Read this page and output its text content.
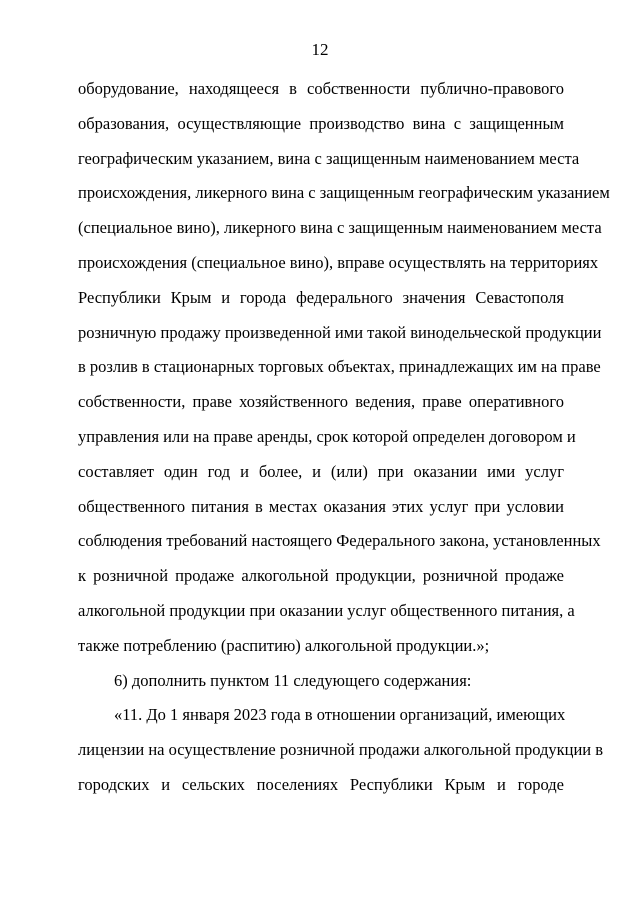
12
оборудование, находящееся в собственности публично-правового
образования, осуществляющие производство вина с защищенным
географическим указанием, вина с защищенным наименованием места
происхождения, ликерного вина с защищенным географическим указанием
(специальное вино), ликерного вина с защищенным наименованием места
происхождения (специальное вино), вправе осуществлять на территориях
Республики Крым и города федерального значения Севастополя
розничную продажу произведенной ими такой винодельческой продукции
в розлив в стационарных торговых объектах, принадлежащих им на праве
собственности, праве хозяйственного ведения, праве оперативного
управления или на праве аренды, срок которой определен договором и
составляет один год и более, и (или) при оказании ими услуг
общественного питания в местах оказания этих услуг при условии
соблюдения требований настоящего Федерального закона, установленных
к розничной продаже алкогольной продукции, розничной продаже
алкогольной продукции при оказании услуг общественного питания, а
также потреблению (распитию) алкогольной продукции.»;
6) дополнить пунктом 11 следующего содержания:
«11. До 1 января 2023 года в отношении организаций, имеющих
лицензии на осуществление розничной продажи алкогольной продукции в
городских и сельских поселениях Республики Крым и городе
